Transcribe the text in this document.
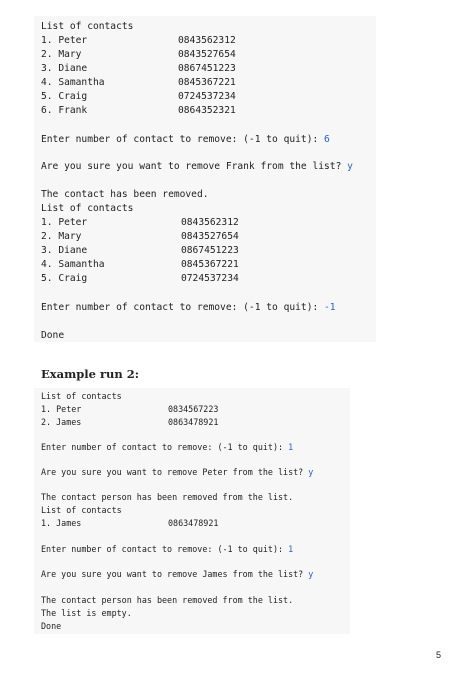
List of contacts
1. Peter	0843562312
2. Mary	0843527654
3. Diane	0867451223
4. Samantha	0845367221
5. Craig	0724537234
6. Frank	0864352321
Enter number of contact to remove: (-1 to quit): 6
Are you sure you want to remove Frank from the list? y
The contact has been removed.
List of contacts
1. Peter	0843562312
2. Mary	0843527654
3. Diane	0867451223
4. Samantha	0845367221
5. Craig	0724537234
Enter number of contact to remove: (-1 to quit): -1
Done
Example run 2:
List of contacts
1. Peter	0834567223
2. James	0863478921
Enter number of contact to remove: (-1 to quit): 1
Are you sure you want to remove Peter from the list? y
The contact person has been removed from the list.
List of contacts
1. James	0863478921
Enter number of contact to remove: (-1 to quit): 1
Are you sure you want to remove James from the list? y
The contact person has been removed from the list.
The list is empty.
Done
5
